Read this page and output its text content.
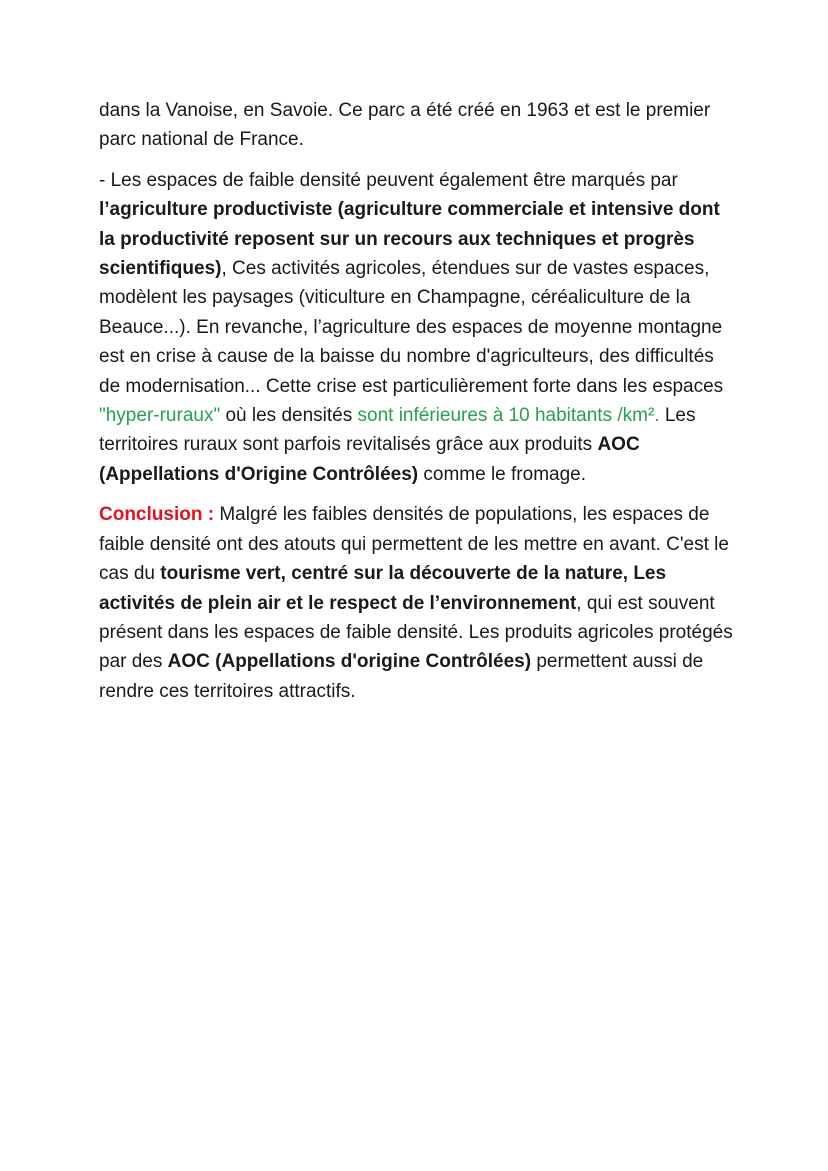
dans la Vanoise, en Savoie. Ce parc a été créé en 1963 et est le premier parc national de France.

- Les espaces de faible densité peuvent également être marqués par l’agriculture productiviste (agriculture commerciale et intensive dont la productivité reposent sur un recours aux techniques et progrès scientifiques), Ces activités agricoles, étendues sur de vastes espaces, modèlent les paysages (viticulture en Champagne, céréaliculture de la Beauce...). En revanche, l’agriculture des espaces de moyenne montagne est en crise à cause de la baisse du nombre d'agriculteurs, des difficultés de modernisation... Cette crise est particulièrement forte dans les espaces "hyper-ruraux" où les densités sont inférieures à 10 habitants /km². Les territoires ruraux sont parfois revitalisés grâce aux produits AOC (Appellations d'Origine Contrôlées) comme le fromage.

Conclusion : Malgré les faibles densités de populations, les espaces de faible densité ont des atouts qui permettent de les mettre en avant. C'est le cas du tourisme vert, centré sur la découverte de la nature, Les activités de plein air et le respect de l’environnement, qui est souvent présent dans les espaces de faible densité. Les produits agricoles protégés par des AOC (Appellations d'origine Contrôlées) permettent aussi de rendre ces territoires attractifs.
